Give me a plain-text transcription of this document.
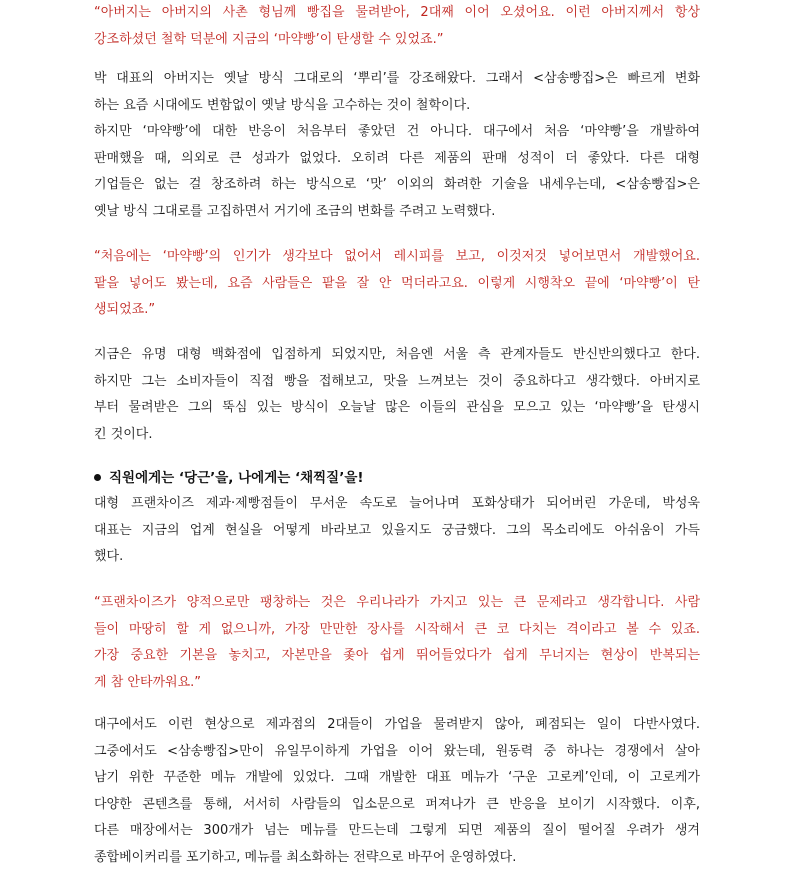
“아버지는 아버지의 사촌 형님께 빵집을 물려받아, 2대째 이어 오셨어요. 이런 아버지께서 항상
강조하셨던 철학 덕분에 지금의 ‘마약빵’이 탄생할 수 있었죠.”
박 대표의 아버지는 옛날 방식 그대로의 ‘뿌리’를 강조해왔다. 그래서 <삼송빵집>은 빠르게 변화
하는 요즘 시대에도 변함없이 옛날 방식을 고수하는 것이 철학이다.
하지만 ‘마약빵’에 대한 반응이 처음부터 좋았던 건 아니다. 대구에서 처음 ‘마약빵’을 개발하여
판매했을 때, 의외로 큰 성과가 없었다. 오히려 다른 제품의 판매 성적이 더 좋았다. 다른 대형
기업들은 없는 걸 창조하려 하는 방식으로 ‘맛’ 이외의 화려한 기술을 내세우는데, <삼송빵집>은
옛날 방식 그대로를 고집하면서 거기에 조금의 변화를 주려고 노력했다.
“처음에는 ‘마약빵’의 인기가 생각보다 없어서 레시피를 보고, 이것저것 넣어보면서 개발했어요.
팥을 넣어도 봤는데, 요즘 사람들은 팥을 잘 안 먹더라고요. 이렇게 시행착오 끝에 ‘마약빵’이 탄
생되었죠.”
지금은 유명 대형 백화점에 입점하게 되었지만, 처음엔 서울 측 관계자들도 반신반의했다고 한다.
하지만 그는 소비자들이 직접 빵을 접해보고, 맛을 느껴보는 것이 중요하다고 생각했다. 아버지로
부터 물려받은 그의 뚝심 있는 방식이 오늘날 많은 이들의 관심을 모으고 있는 ‘마약빵’을 탄생시
킨 것이다.
직원에게는 ‘당근’을, 나에게는 ‘채찍질’을!
대형 프랜차이즈 제과·제빵점들이 무서운 속도로 늘어나며 포화상태가 되어버린 가운데, 박성욱
대표는 지금의 업계 현실을 어떻게 바라보고 있을지도 궁금했다. 그의 목소리에도 아쉬움이 가득
했다.
“프랜차이즈가 양적으로만 팽창하는 것은 우리나라가 가지고 있는 큰 문제라고 생각합니다. 사람
들이 마땅히 할 게 없으니까, 가장 만만한 장사를 시작해서 큰 코 다치는 격이라고 볼 수 있죠.
가장 중요한 기본을 놓치고, 자본만을 좇아 쉽게 뛰어들었다가 쉽게 무너지는 현상이 반복되는
게 참 안타까워요.”
대구에서도 이런 현상으로 제과점의 2대들이 가업을 물려받지 않아, 폐점되는 일이 다반사였다.
그중에서도 <삼송빵집>만이 유일무이하게 가업을 이어 왔는데, 원동력 중 하나는 경쟁에서 살아
남기 위한 꾸준한 메뉴 개발에 있었다. 그때 개발한 대표 메뉴가 ‘구운 고로케’인데, 이 고로케가
다양한 콘텐츠를 통해, 서서히 사람들의 입소문으로 퍼져나가 큰 반응을 보이기 시작했다. 이후,
다른 매장에서는 300개가 넘는 메뉴를 만드는데 그렇게 되면 제품의 질이 떨어질 우려가 생겨
종합베이커리를 포기하고, 메뉴를 최소화하는 전략으로 바꾸어 운영하였다.
